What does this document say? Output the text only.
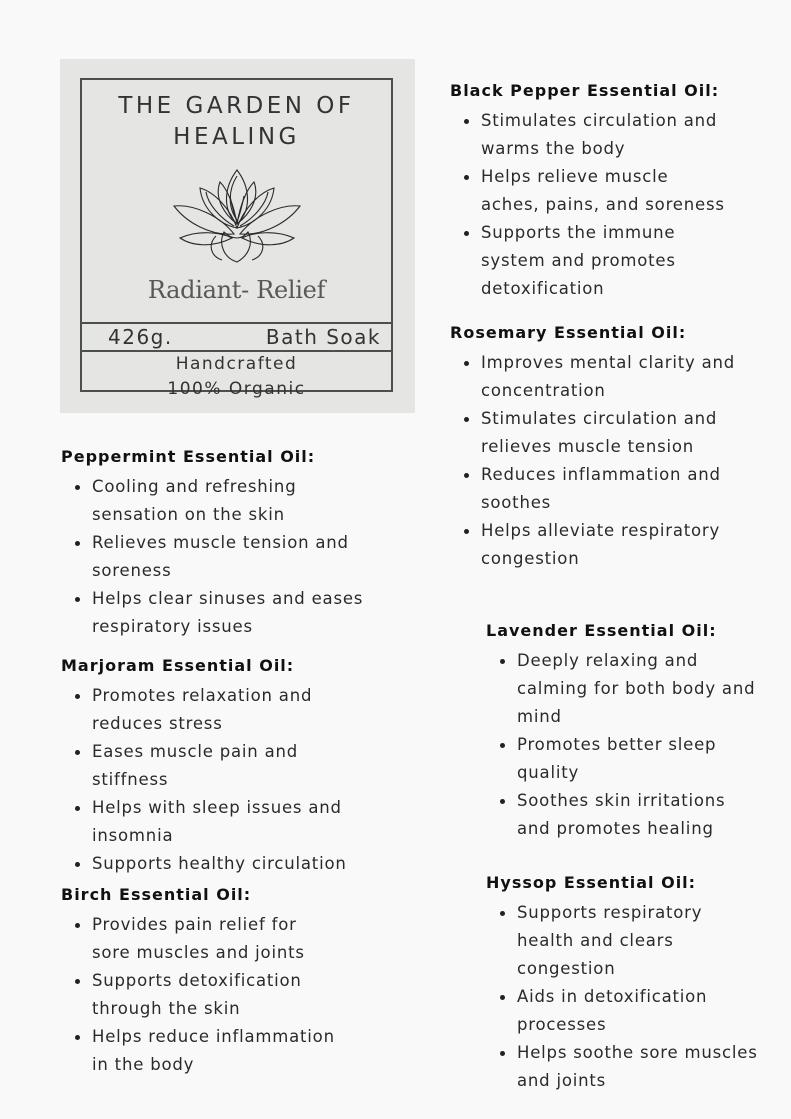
THE GARDEN OF
HEALING
Radiant- Relief
426g.	Bath Soak
Handcrafted
100% Organic
Peppermint Essential Oil:
Cooling and refreshing
sensation on the skin
Relieves muscle tension and
soreness
Helps clear sinuses and eases
respiratory issues
Marjoram Essential Oil:
Promotes relaxation and
reduces stress
Eases muscle pain and
stiffness
Helps with sleep issues and
insomnia
Supports healthy circulation
Birch Essential Oil:
Provides pain relief for
sore muscles and joints
Supports detoxification
through the skin
Helps reduce inflammation
in the body
Black Pepper Essential Oil:
Stimulates circulation and
warms the body
Helps relieve muscle
aches, pains, and soreness
Supports the immune
system and promotes
detoxification
Rosemary Essential Oil:
Improves mental clarity and
concentration
Stimulates circulation and
relieves muscle tension
Reduces inflammation and
soothes
Helps alleviate respiratory
congestion
Lavender Essential Oil:
Deeply relaxing and
calming for both body and
mind
Promotes better sleep
quality
Soothes skin irritations
and promotes healing
Hyssop Essential Oil:
Supports respiratory
health and clears
congestion
Aids in detoxification
processes
Helps soothe sore muscles
and joints
